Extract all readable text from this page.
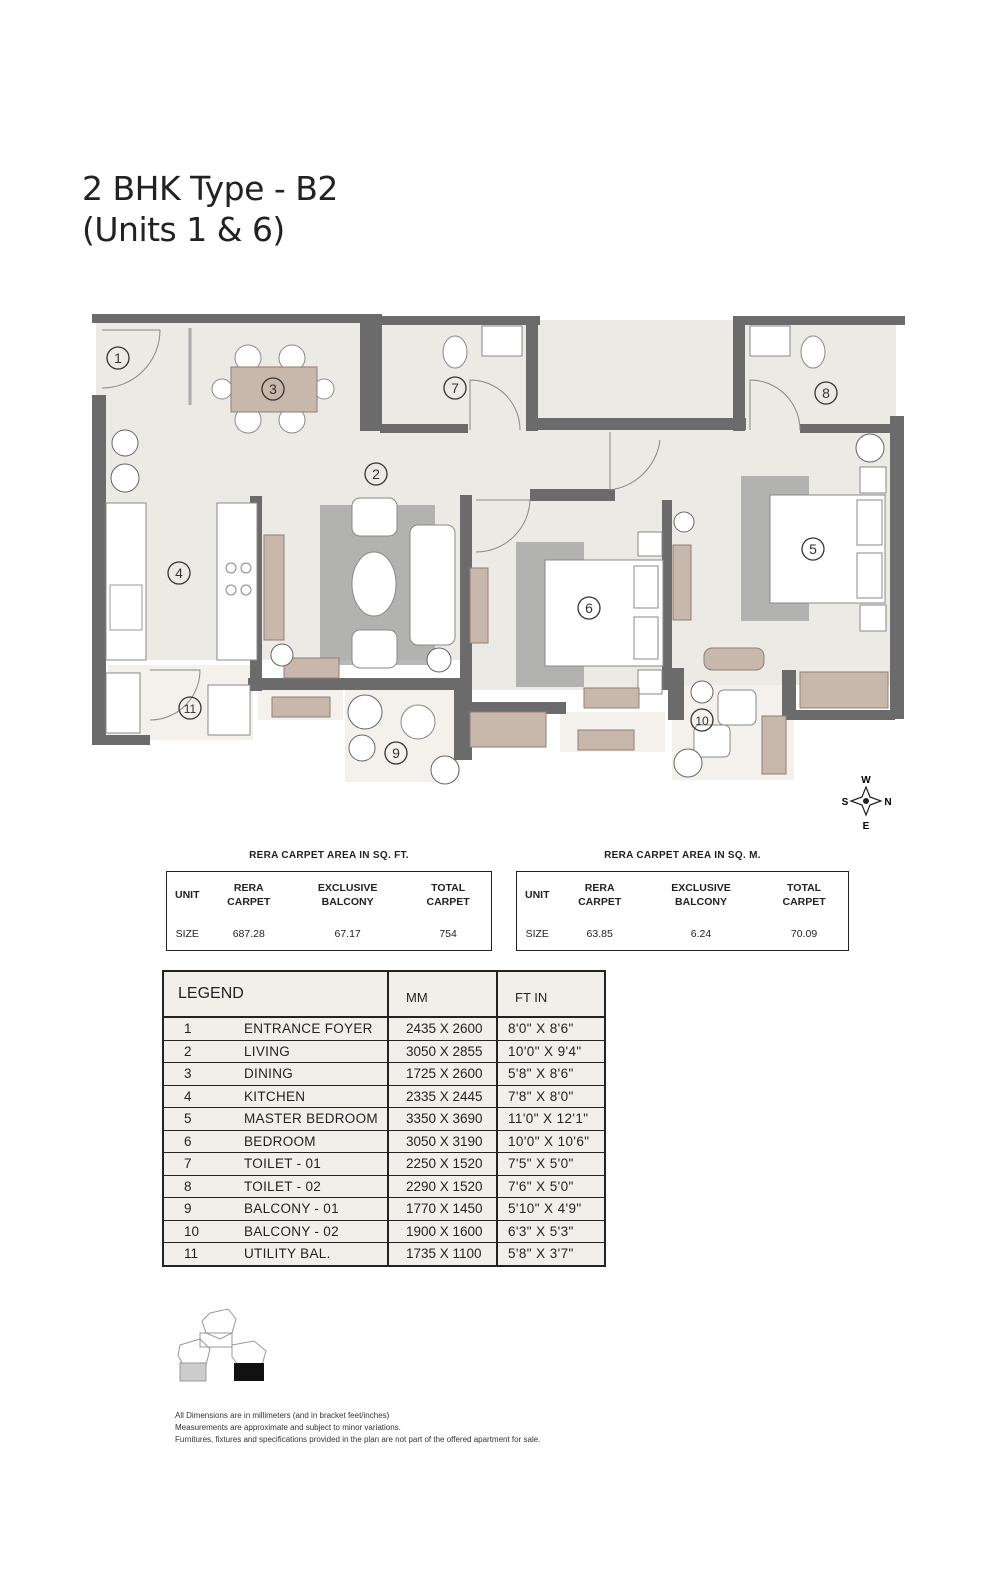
2 BHK Type - B2
(Units 1 & 6)
1
2
3
4
5
6
7	8
9
10
11
W
S	N
E
RERA CARPET AREA IN SQ. FT.
UNIT	RERA CARPET	EXCLUSIVE BALCONY	TOTAL CARPET
SIZE	687.28	67.17	754
RERA CARPET AREA IN SQ. M.
UNIT	RERA CARPET	EXCLUSIVE BALCONY	TOTAL CARPET
SIZE	63.85	6.24	70.09
LEGEND		MM	FT IN
1	ENTRANCE FOYER	2435 X 2600	8'0" X 8'6"
2	LIVING	3050 X 2855	10'0" X 9'4"
3	DINING	1725 X 2600	5'8" X 8'6"
4	KITCHEN	2335 X 2445	7'8" X 8'0"
5	MASTER BEDROOM	3350 X 3690	11'0" X 12'1"
6	BEDROOM	3050 X 3190	10'0" X 10'6"
7	TOILET - 01	2250 X 1520	7'5" X 5'0"
8	TOILET - 02	2290 X 1520	7'6" X 5'0"
9	BALCONY - 01	1770 X 1450	5'10" X 4'9"
10	BALCONY - 02	1900 X 1600	6'3" X 5'3"
11	UTILITY BAL.	1735 X 1100	5'8" X 3'7"
All Dimensions are in millimeters (and in bracket feet/inches)
Measurements are approximate and subject to minor variations.
Furnitures, fixtures and specifications provided in the plan are not part of the offered apartment for sale.
